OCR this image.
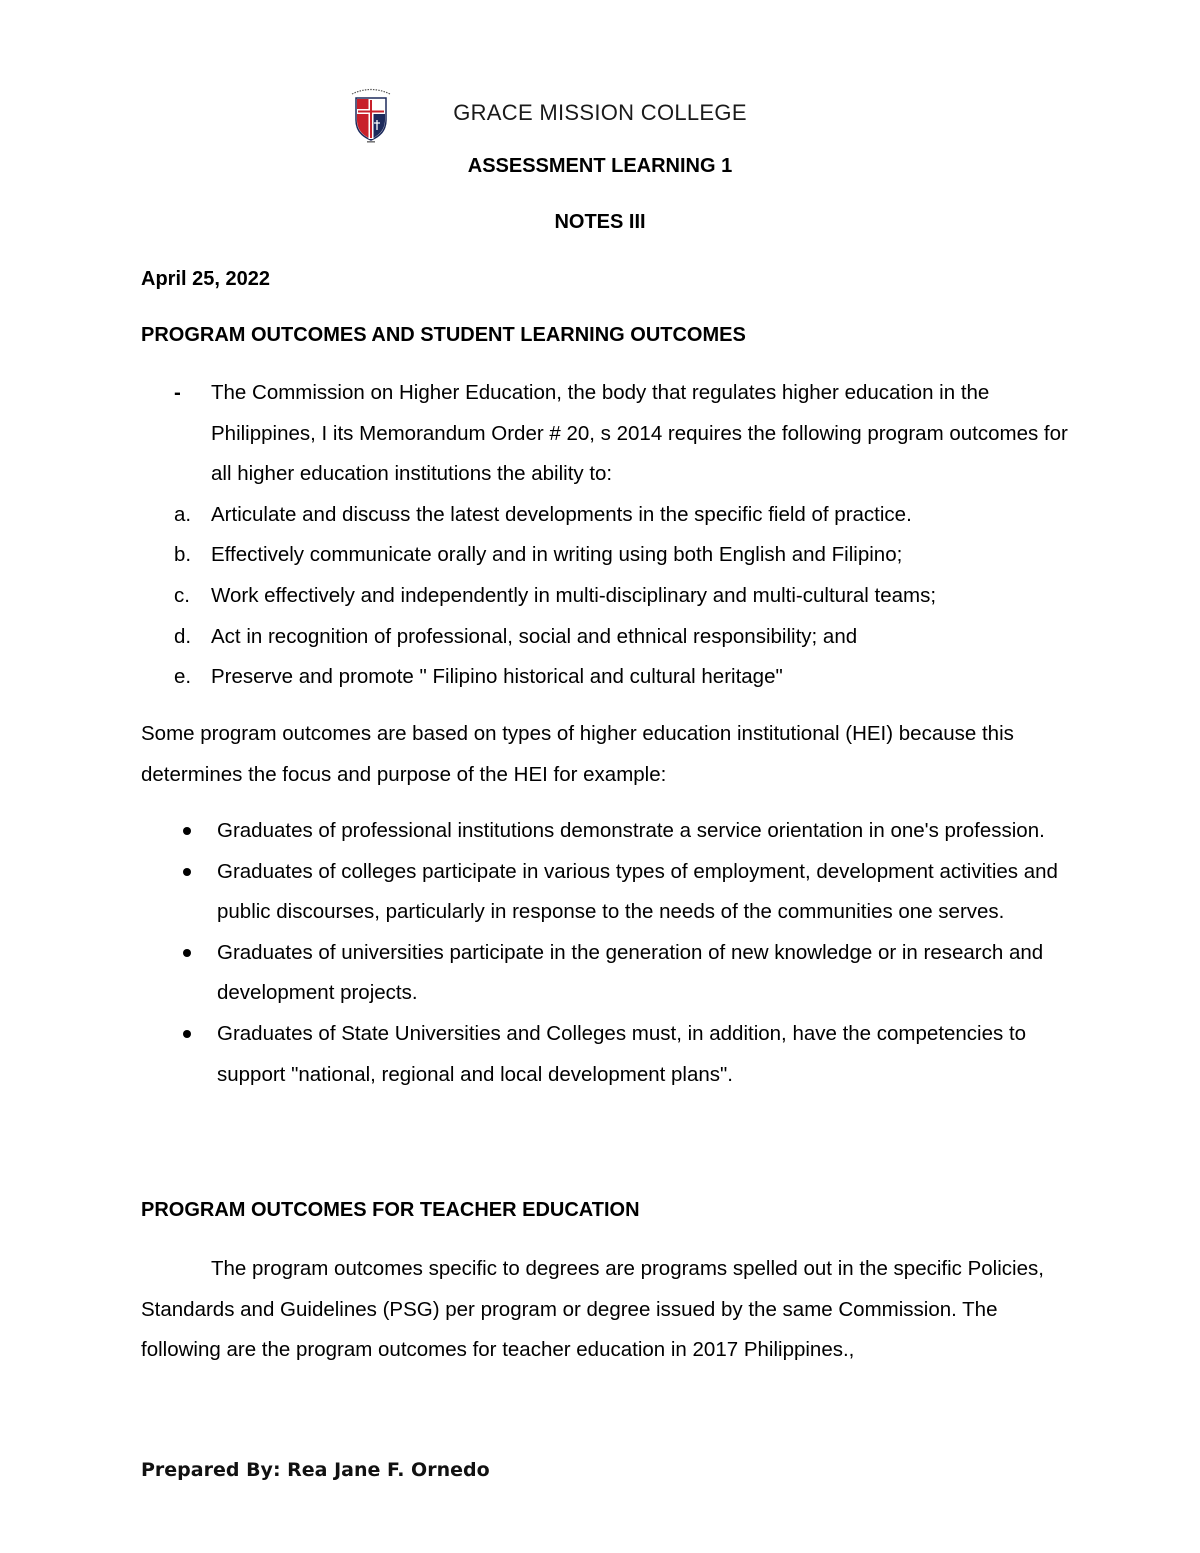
GRACE MISSION COLLEGE
ASSESSMENT LEARNING 1
NOTES III
April 25, 2022
PROGRAM OUTCOMES AND STUDENT LEARNING OUTCOMES
- The Commission on Higher Education, the body that regulates higher education in the Philippines, I its Memorandum Order # 20, s 2014 requires the following program outcomes for all higher education institutions the ability to:
a. Articulate and discuss the latest developments in the specific field of practice.
b. Effectively communicate orally and in writing using both English and Filipino;
c. Work effectively and independently in multi-disciplinary and multi-cultural teams;
d. Act in recognition of professional, social and ethnical responsibility; and
e. Preserve and promote " Filipino historical and cultural heritage"

Some program outcomes are based on types of higher education institutional (HEI) because this determines the focus and purpose of the HEI for example:

Graduates of professional institutions demonstrate a service orientation in one's profession.
Graduates of colleges participate in various types of employment, development activities and public discourses, particularly in response to the needs of the communities one serves.
Graduates of universities participate in the generation of new knowledge or in research and development projects.
Graduates of State Universities and Colleges must, in addition, have the competencies to support "national, regional and local development plans".
PROGRAM OUTCOMES FOR TEACHER EDUCATION

The program outcomes specific to degrees are programs spelled out in the specific Policies, Standards and Guidelines (PSG) per program or degree issued by the same Commission. The following are the program outcomes for teacher education in 2017 Philippines.,

Prepared By: Rea Jane F. Ornedo
